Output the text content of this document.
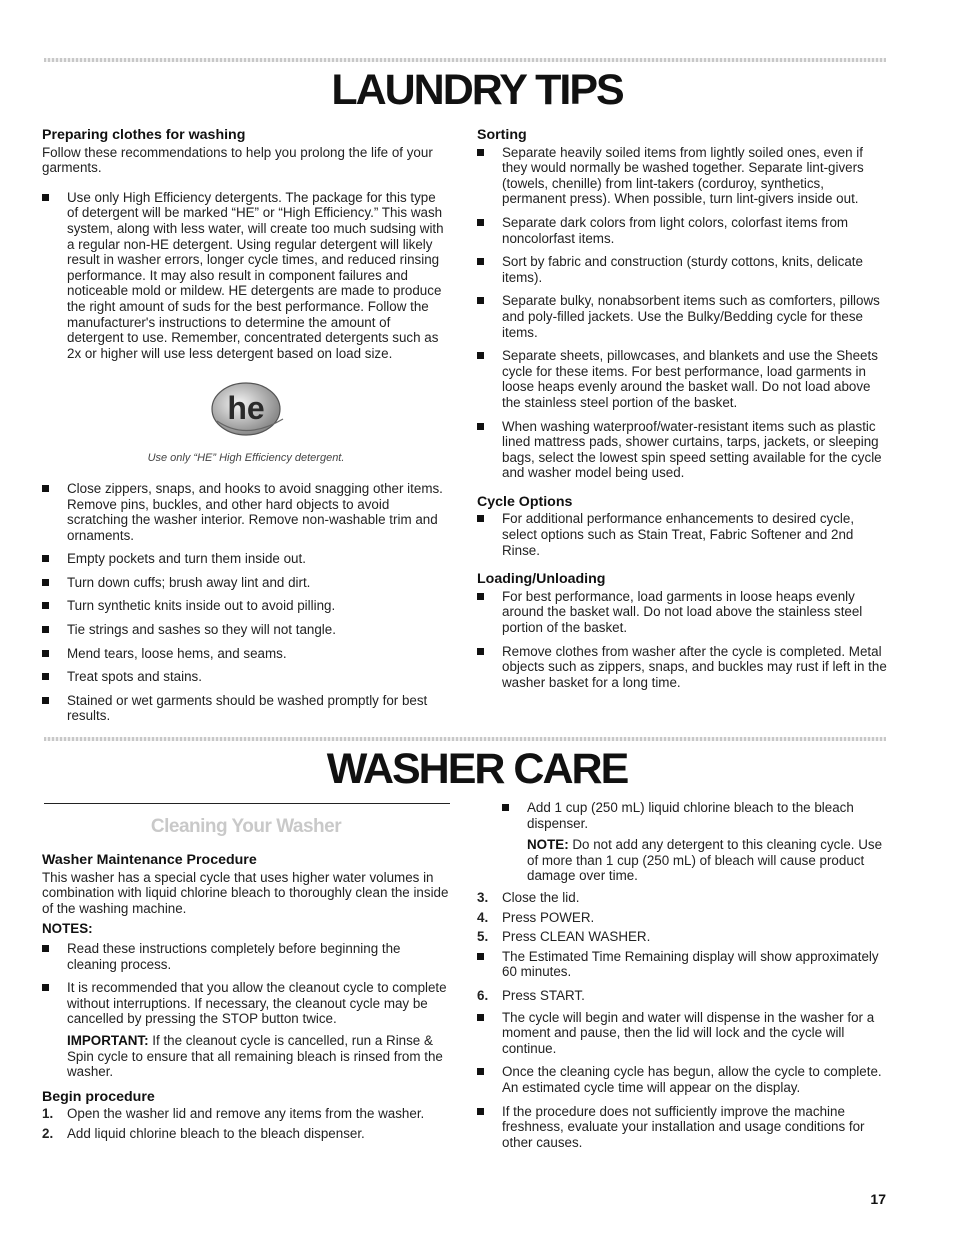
LAUNDRY TIPS
Preparing clothes for washing

Follow these recommendations to help you prolong the life of your garments.

Use only High Efficiency detergents. The package for this type of detergent will be marked “HE” or “High Efficiency.” This wash system, along with less water, will create too much sudsing with a regular non-HE detergent. Using regular detergent will likely result in washer errors, longer cycle times, and reduced rinsing performance. It may also result in component failures and noticeable mold or mildew. HE detergents are made to produce the right amount of suds for the best performance. Follow the manufacturer's instructions to determine the amount of detergent to use. Remember, concentrated detergents such as 2x or higher will use less detergent based on load size.
he
Use only “HE” High Efficiency detergent.
Close zippers, snaps, and hooks to avoid snagging other items. Remove pins, buckles, and other hard objects to avoid scratching the washer interior. Remove non-washable trim and ornaments.
Empty pockets and turn them inside out.
Turn down cuffs; brush away lint and dirt.
Turn synthetic knits inside out to avoid pilling.
Tie strings and sashes so they will not tangle.
Mend tears, loose hems, and seams.
Treat spots and stains.
Stained or wet garments should be washed promptly for best results.
Sorting
Separate heavily soiled items from lightly soiled ones, even if they would normally be washed together. Separate lint-givers (towels, chenille) from lint-takers (corduroy, synthetics, permanent press). When possible, turn lint-givers inside out.
Separate dark colors from light colors, colorfast items from noncolorfast items.
Sort by fabric and construction (sturdy cottons, knits, delicate items).
Separate bulky, nonabsorbent items such as comforters, pillows and poly-filled jackets. Use the Bulky/Bedding cycle for these items.
Separate sheets, pillowcases, and blankets and use the Sheets cycle for these items. For best performance, load garments in loose heaps evenly around the basket wall. Do not load above the stainless steel portion of the basket.
When washing waterproof/water-resistant items such as plastic lined mattress pads, shower curtains, tarps, jackets, or sleeping bags, select the lowest spin speed setting available for the cycle and washer model being used.
Cycle Options
For additional performance enhancements to desired cycle, select options such as Stain Treat, Fabric Softener and 2nd Rinse.
Loading/Unloading
For best performance, load garments in loose heaps evenly around the basket wall. Do not load above the stainless steel portion of the basket.
Remove clothes from washer after the cycle is completed. Metal objects such as zippers, snaps, and buckles may rust if left in the washer basket for a long time.
WASHER CARE
Cleaning Your Washer
Washer Maintenance Procedure

This washer has a special cycle that uses higher water volumes in combination with liquid chlorine bleach to thoroughly clean the inside of the washing machine.

NOTES:
Read these instructions completely before beginning the cleaning process.
It is recommended that you allow the cleanout cycle to complete without interruptions. If necessary, the cleanout cycle may be cancelled by pressing the STOP button twice.

IMPORTANT: If the cleanout cycle is cancelled, run a Rinse & Spin cycle to ensure that all remaining bleach is rinsed from the washer.

Begin procedure
1. Open the washer lid and remove any items from the washer.
2. Add liquid chlorine bleach to the bleach dispenser.
Add 1 cup (250 mL) liquid chlorine bleach to the bleach dispenser.

NOTE: Do not add any detergent to this cleaning cycle. Use of more than 1 cup (250 mL) of bleach will cause product damage over time.

3. Close the lid.
4. Press POWER.
5. Press CLEAN WASHER.
The Estimated Time Remaining display will show approximately 60 minutes.
6. Press START.
The cycle will begin and water will dispense in the washer for a moment and pause, then the lid will lock and the cycle will continue.
Once the cleaning cycle has begun, allow the cycle to complete. An estimated cycle time will appear on the display.
If the procedure does not sufficiently improve the machine freshness, evaluate your installation and usage conditions for other causes.
17
